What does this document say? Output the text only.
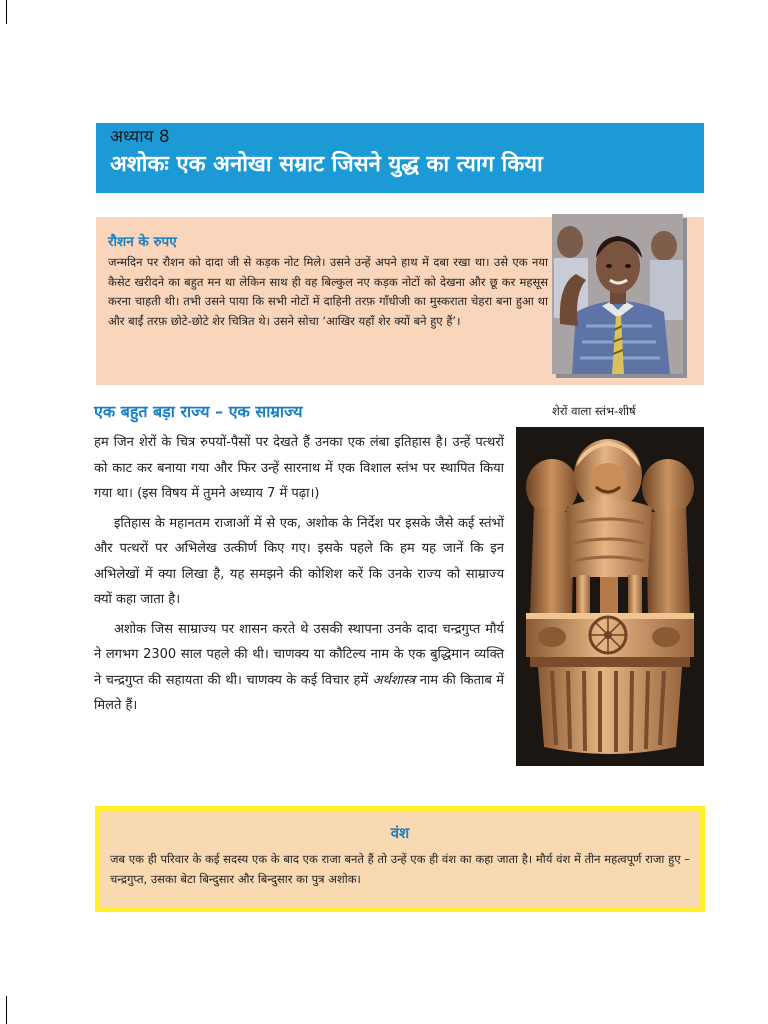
अध्याय 8
अशोकः एक अनोखा सम्राट जिसने युद्ध का त्याग किया
रौशन के रुपए
जन्मदिन पर रौशन को दादा जी से कड़क नोट मिले। उसने उन्हें अपने हाथ में दबा रखा था। उसे एक नया कैसेट खरीदने का बहुत मन था लेकिन साथ ही वह बिल्कुल नए कड़क नोटों को देखना और छू कर महसूस करना चाहती थी। तभी उसने पाया कि सभी नोटों में दाहिनी तरफ़ गाँधीजी का मुस्कराता चेहरा बना हुआ था और बाईं तरफ़ छोटे-छोटे शेर चित्रित थे। उसने सोचा ‘आखिर यहाँ शेर क्यों बने हुए हैं’।
एक बहुत बड़ा राज्य – एक साम्राज्य	शेरों वाला स्तंभ-शीर्ष

हम जिन शेरों के चित्र रुपयों-पैसों पर देखते हैं उनका एक लंबा इतिहास है। उन्हें पत्थरों को काट कर बनाया गया और फिर उन्हें सारनाथ में एक विशाल स्तंभ पर स्थापित किया गया था। (इस विषय में तुमने अध्याय 7 में पढ़ा।)

इतिहास के महानतम राजाओं में से एक, अशोक के निर्देश पर इसके जैसे कई स्तंभों और पत्थरों पर अभिलेख उत्कीर्ण किए गए। इसके पहले कि हम यह जानें कि इन अभिलेखों में क्या लिखा है, यह समझने की कोशिश करें कि उनके राज्य को साम्राज्य क्यों कहा जाता है।

अशोक जिस साम्राज्य पर शासन करते थे उसकी स्थापना उनके दादा चन्द्रगुप्त मौर्य ने लगभग 2300 साल पहले की थी। चाणक्य या कौटिल्य नाम के एक बुद्धिमान व्यक्ति ने चन्द्रगुप्त की सहायता की थी। चाणक्य के कई विचार हमें अर्थशास्त्र नाम की किताब में मिलते हैं।

वंश
जब एक ही परिवार के कई सदस्य एक के बाद एक राजा बनते हैं तो उन्हें एक ही वंश का कहा जाता है। मौर्य वंश में तीन महत्वपूर्ण राजा हुए – चन्द्रगुप्त, उसका बेटा बिन्दुसार और बिन्दुसार का पुत्र अशोक।
